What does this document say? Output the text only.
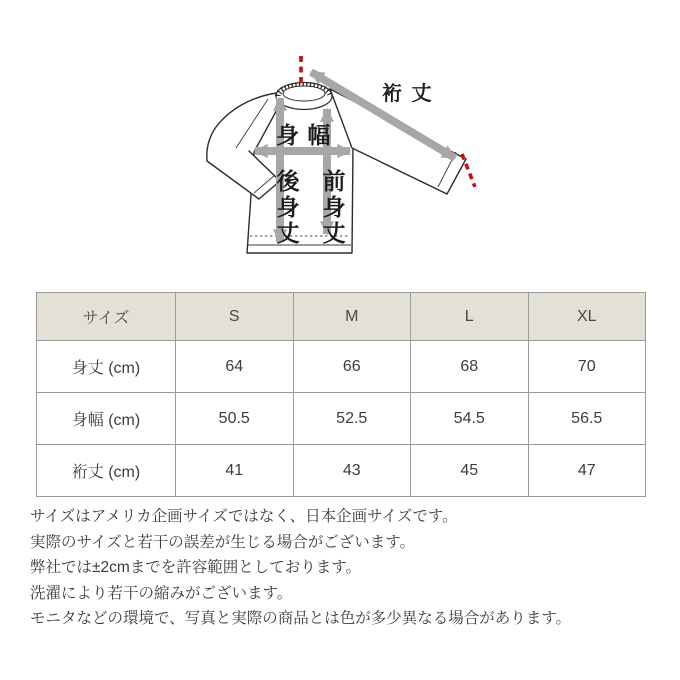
裄 丈
身 幅
後
身
丈
前
身
丈
サイズ	S	M	L	XL
身丈 (cm)	64	66	68	70
身幅 (cm)	50.5	52.5	54.5	56.5
裄丈 (cm)	41	43	45	47

サイズはアメリカ企画サイズではなく、日本企画サイズです。

実際のサイズと若干の誤差が生じる場合がございます。

弊社では±2cmまでを許容範囲としております。

洗濯により若干の縮みがございます。

モニタなどの環境で、写真と実際の商品とは色が多少異なる場合があります。
